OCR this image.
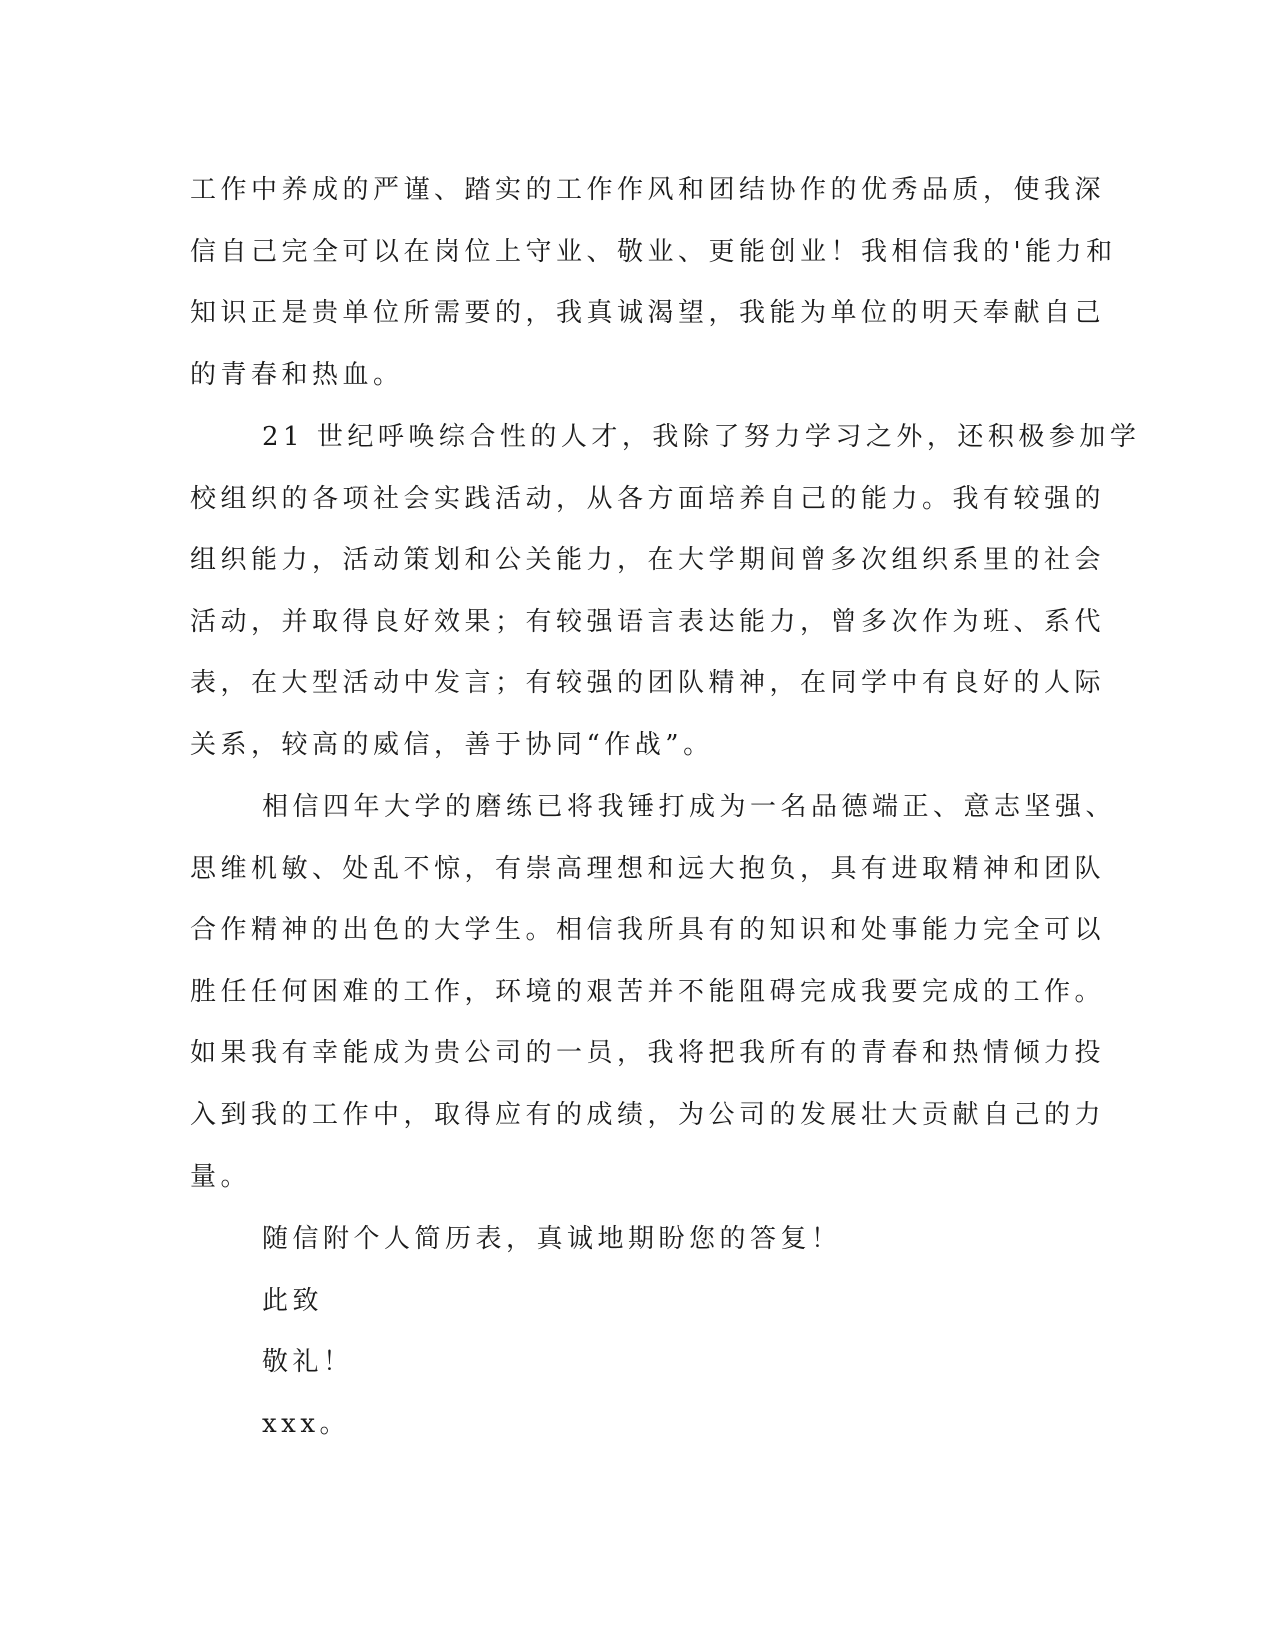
工作中养成的严谨、踏实的工作作风和团结协作的优秀品质，使我深
信自己完全可以在岗位上守业、敬业、更能创业！我相信我的'能力和
知识正是贵单位所需要的，我真诚渴望，我能为单位的明天奉献自己
的青春和热血。
21 世纪呼唤综合性的人才，我除了努力学习之外，还积极参加学
校组织的各项社会实践活动，从各方面培养自己的能力。我有较强的
组织能力，活动策划和公关能力，在大学期间曾多次组织系里的社会
活动，并取得良好效果；有较强语言表达能力，曾多次作为班、系代
表，在大型活动中发言；有较强的团队精神，在同学中有良好的人际
关系，较高的威信，善于协同“作战”。
相信四年大学的磨练已将我锤打成为一名品德端正、意志坚强、
思维机敏、处乱不惊，有崇高理想和远大抱负，具有进取精神和团队
合作精神的出色的大学生。相信我所具有的知识和处事能力完全可以
胜任任何困难的工作，环境的艰苦并不能阻碍完成我要完成的工作。
如果我有幸能成为贵公司的一员，我将把我所有的青春和热情倾力投
入到我的工作中，取得应有的成绩，为公司的发展壮大贡献自己的力
量。
随信附个人简历表，真诚地期盼您的答复！
此致
敬礼！
xxx。
